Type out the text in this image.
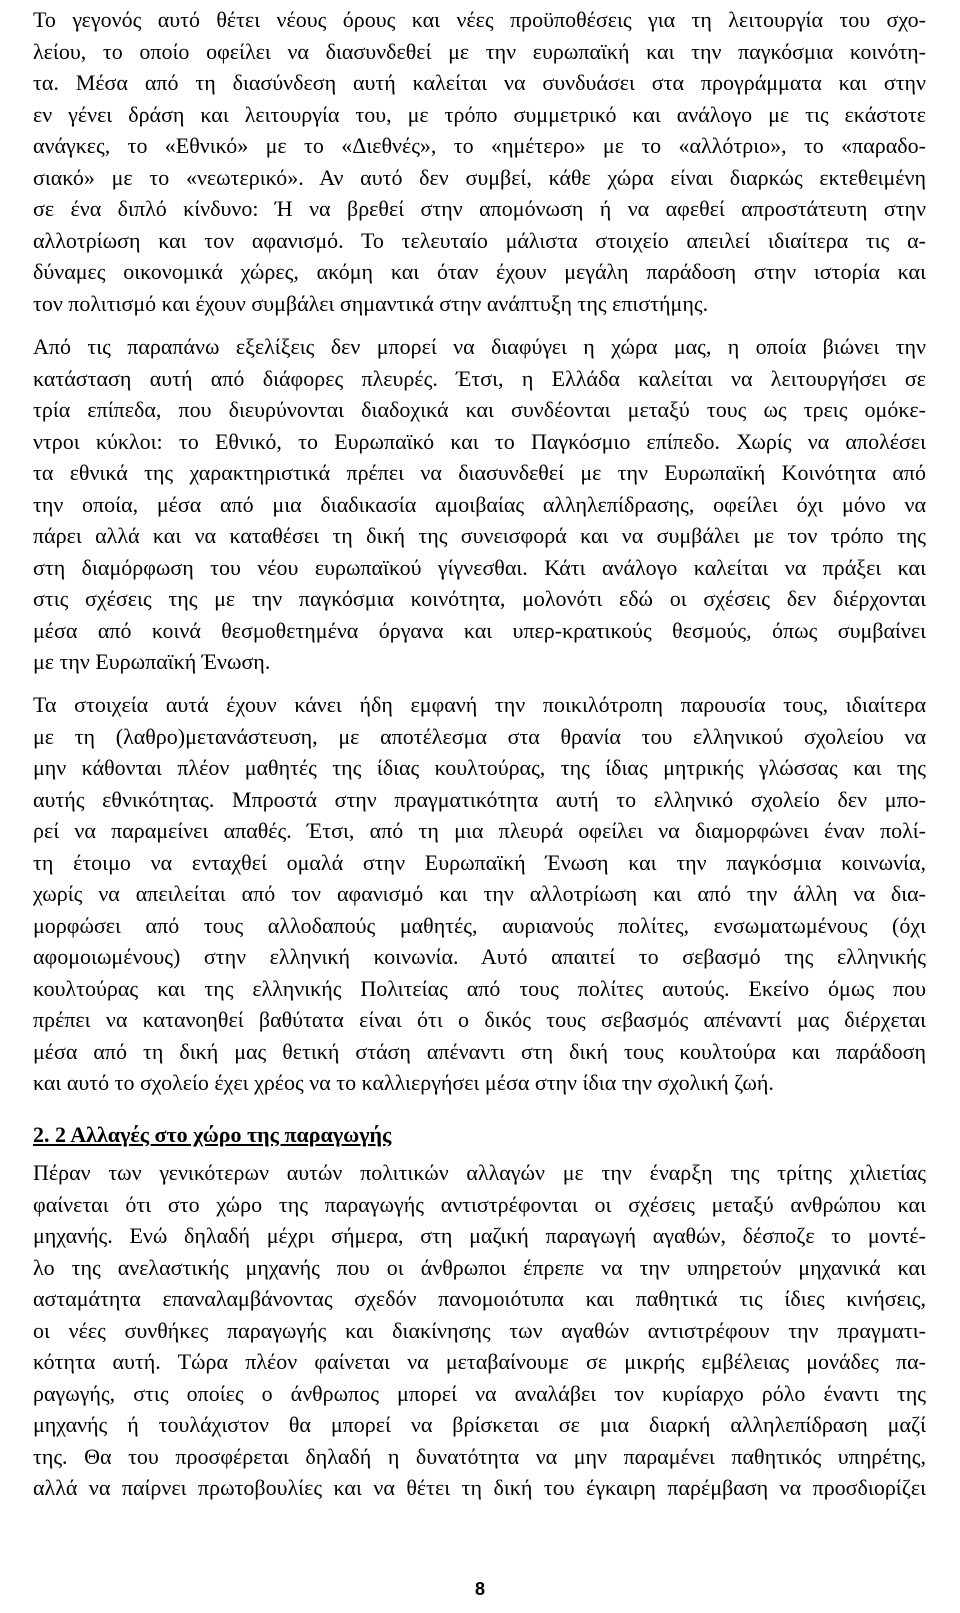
Το γεγονός αυτό θέτει νέους όρους και νέες προϋποθέσεις για τη λειτουργία του σχο-
λείου, το οποίο οφείλει να διασυνδεθεί με την ευρωπαϊκή και την παγκόσμια κοινότη-
τα. Μέσα από τη διασύνδεση αυτή καλείται να συνδυάσει στα προγράμματα και στην
εν γένει δράση και λειτουργία του, με τρόπο συμμετρικό και ανάλογο με τις εκάστοτε
ανάγκες, το «Εθνικό» με το «Διεθνές», το «ημέτερο» με το «αλλότριο», το «παραδο-
σιακό» με το «νεωτερικό». Αν αυτό δεν συμβεί, κάθε χώρα είναι διαρκώς εκτεθειμένη
σε ένα διπλό κίνδυνο: Ή να βρεθεί στην απομόνωση ή να αφεθεί απροστάτευτη στην
αλλοτρίωση και τον αφανισμό. Το τελευταίο μάλιστα στοιχείο απειλεί ιδιαίτερα τις α-
δύναμες οικονομικά χώρες, ακόμη και όταν έχουν μεγάλη παράδοση στην ιστορία και
τον πολιτισμό και έχουν συμβάλει σημαντικά στην ανάπτυξη της επιστήμης.
Από τις παραπάνω εξελίξεις δεν μπορεί να διαφύγει η χώρα μας, η οποία βιώνει την
κατάσταση αυτή από διάφορες πλευρές. Έτσι, η Ελλάδα καλείται να λειτουργήσει σε
τρία επίπεδα, που διευρύνονται διαδοχικά και συνδέονται μεταξύ τους ως τρεις ομόκε-
ντροι κύκλοι: το Εθνικό, το Ευρωπαϊκό και το Παγκόσμιο επίπεδο. Χωρίς να απολέσει
τα εθνικά της χαρακτηριστικά πρέπει να διασυνδεθεί με την Ευρωπαϊκή Κοινότητα από
την οποία, μέσα από μια διαδικασία αμοιβαίας αλληλεπίδρασης, οφείλει όχι μόνο να
πάρει αλλά και να καταθέσει τη δική της συνεισφορά και να συμβάλει με τον τρόπο της
στη διαμόρφωση του νέου ευρωπαϊκού γίγνεσθαι. Κάτι ανάλογο καλείται να πράξει και
στις σχέσεις της με την παγκόσμια κοινότητα, μολονότι εδώ οι σχέσεις δεν διέρχονται
μέσα από κοινά θεσμοθετημένα όργανα και υπερ-κρατικούς θεσμούς, όπως συμβαίνει
με την Ευρωπαϊκή Ένωση.
Τα στοιχεία αυτά έχουν κάνει ήδη εμφανή την ποικιλότροπη παρουσία τους, ιδιαίτερα
με τη (λαθρο)μετανάστευση, με αποτέλεσμα στα θρανία του ελληνικού σχολείου να
μην κάθονται πλέον μαθητές της ίδιας κουλτούρας, της ίδιας μητρικής γλώσσας και της
αυτής εθνικότητας. Μπροστά στην πραγματικότητα αυτή το ελληνικό σχολείο δεν μπο-
ρεί να παραμείνει απαθές. Έτσι, από τη μια πλευρά οφείλει να διαμορφώνει έναν πολί-
τη έτοιμο να ενταχθεί ομαλά στην Ευρωπαϊκή Ένωση και την παγκόσμια κοινωνία,
χωρίς να απειλείται από τον αφανισμό και την αλλοτρίωση και από την άλλη να δια-
μορφώσει από τους αλλοδαπούς μαθητές, αυριανούς πολίτες, ενσωματωμένους (όχι
αφομοιωμένους) στην ελληνική κοινωνία. Αυτό απαιτεί το σεβασμό της ελληνικής
κουλτούρας και της ελληνικής Πολιτείας από τους πολίτες αυτούς. Εκείνο όμως που
πρέπει να κατανοηθεί βαθύτατα είναι ότι ο δικός τους σεβασμός απέναντί μας διέρχεται
μέσα από τη δική μας θετική στάση απέναντι στη δική τους κουλτούρα και παράδοση
και αυτό το σχολείο έχει χρέος να το καλλιεργήσει μέσα στην ίδια την σχολική ζωή.
2. 2 Αλλαγές στο χώρο της παραγωγής
Πέραν των γενικότερων αυτών πολιτικών αλλαγών με την έναρξη της τρίτης χιλιετίας
φαίνεται ότι στο χώρο της παραγωγής αντιστρέφονται οι σχέσεις μεταξύ ανθρώπου και
μηχανής. Ενώ δηλαδή μέχρι σήμερα, στη μαζική παραγωγή αγαθών, δέσποζε το μοντέ-
λο της ανελαστικής μηχανής που οι άνθρωποι έπρεπε να την υπηρετούν μηχανικά και
ασταμάτητα επαναλαμβάνοντας σχεδόν πανομοιότυπα και παθητικά τις ίδιες κινήσεις,
οι νέες συνθήκες παραγωγής και διακίνησης των αγαθών αντιστρέφουν την πραγματι-
κότητα αυτή. Τώρα πλέον φαίνεται να μεταβαίνουμε σε μικρής εμβέλειας μονάδες πα-
ραγωγής, στις οποίες ο άνθρωπος μπορεί να αναλάβει τον κυρίαρχο ρόλο έναντι της
μηχανής ή τουλάχιστον θα μπορεί να βρίσκεται σε μια διαρκή αλληλεπίδραση μαζί
της. Θα του προσφέρεται δηλαδή η δυνατότητα να μην παραμένει παθητικός υπηρέτης,
αλλά να παίρνει πρωτοβουλίες και να θέτει τη δική του έγκαιρη παρέμβαση να προσδιορίζει
8
